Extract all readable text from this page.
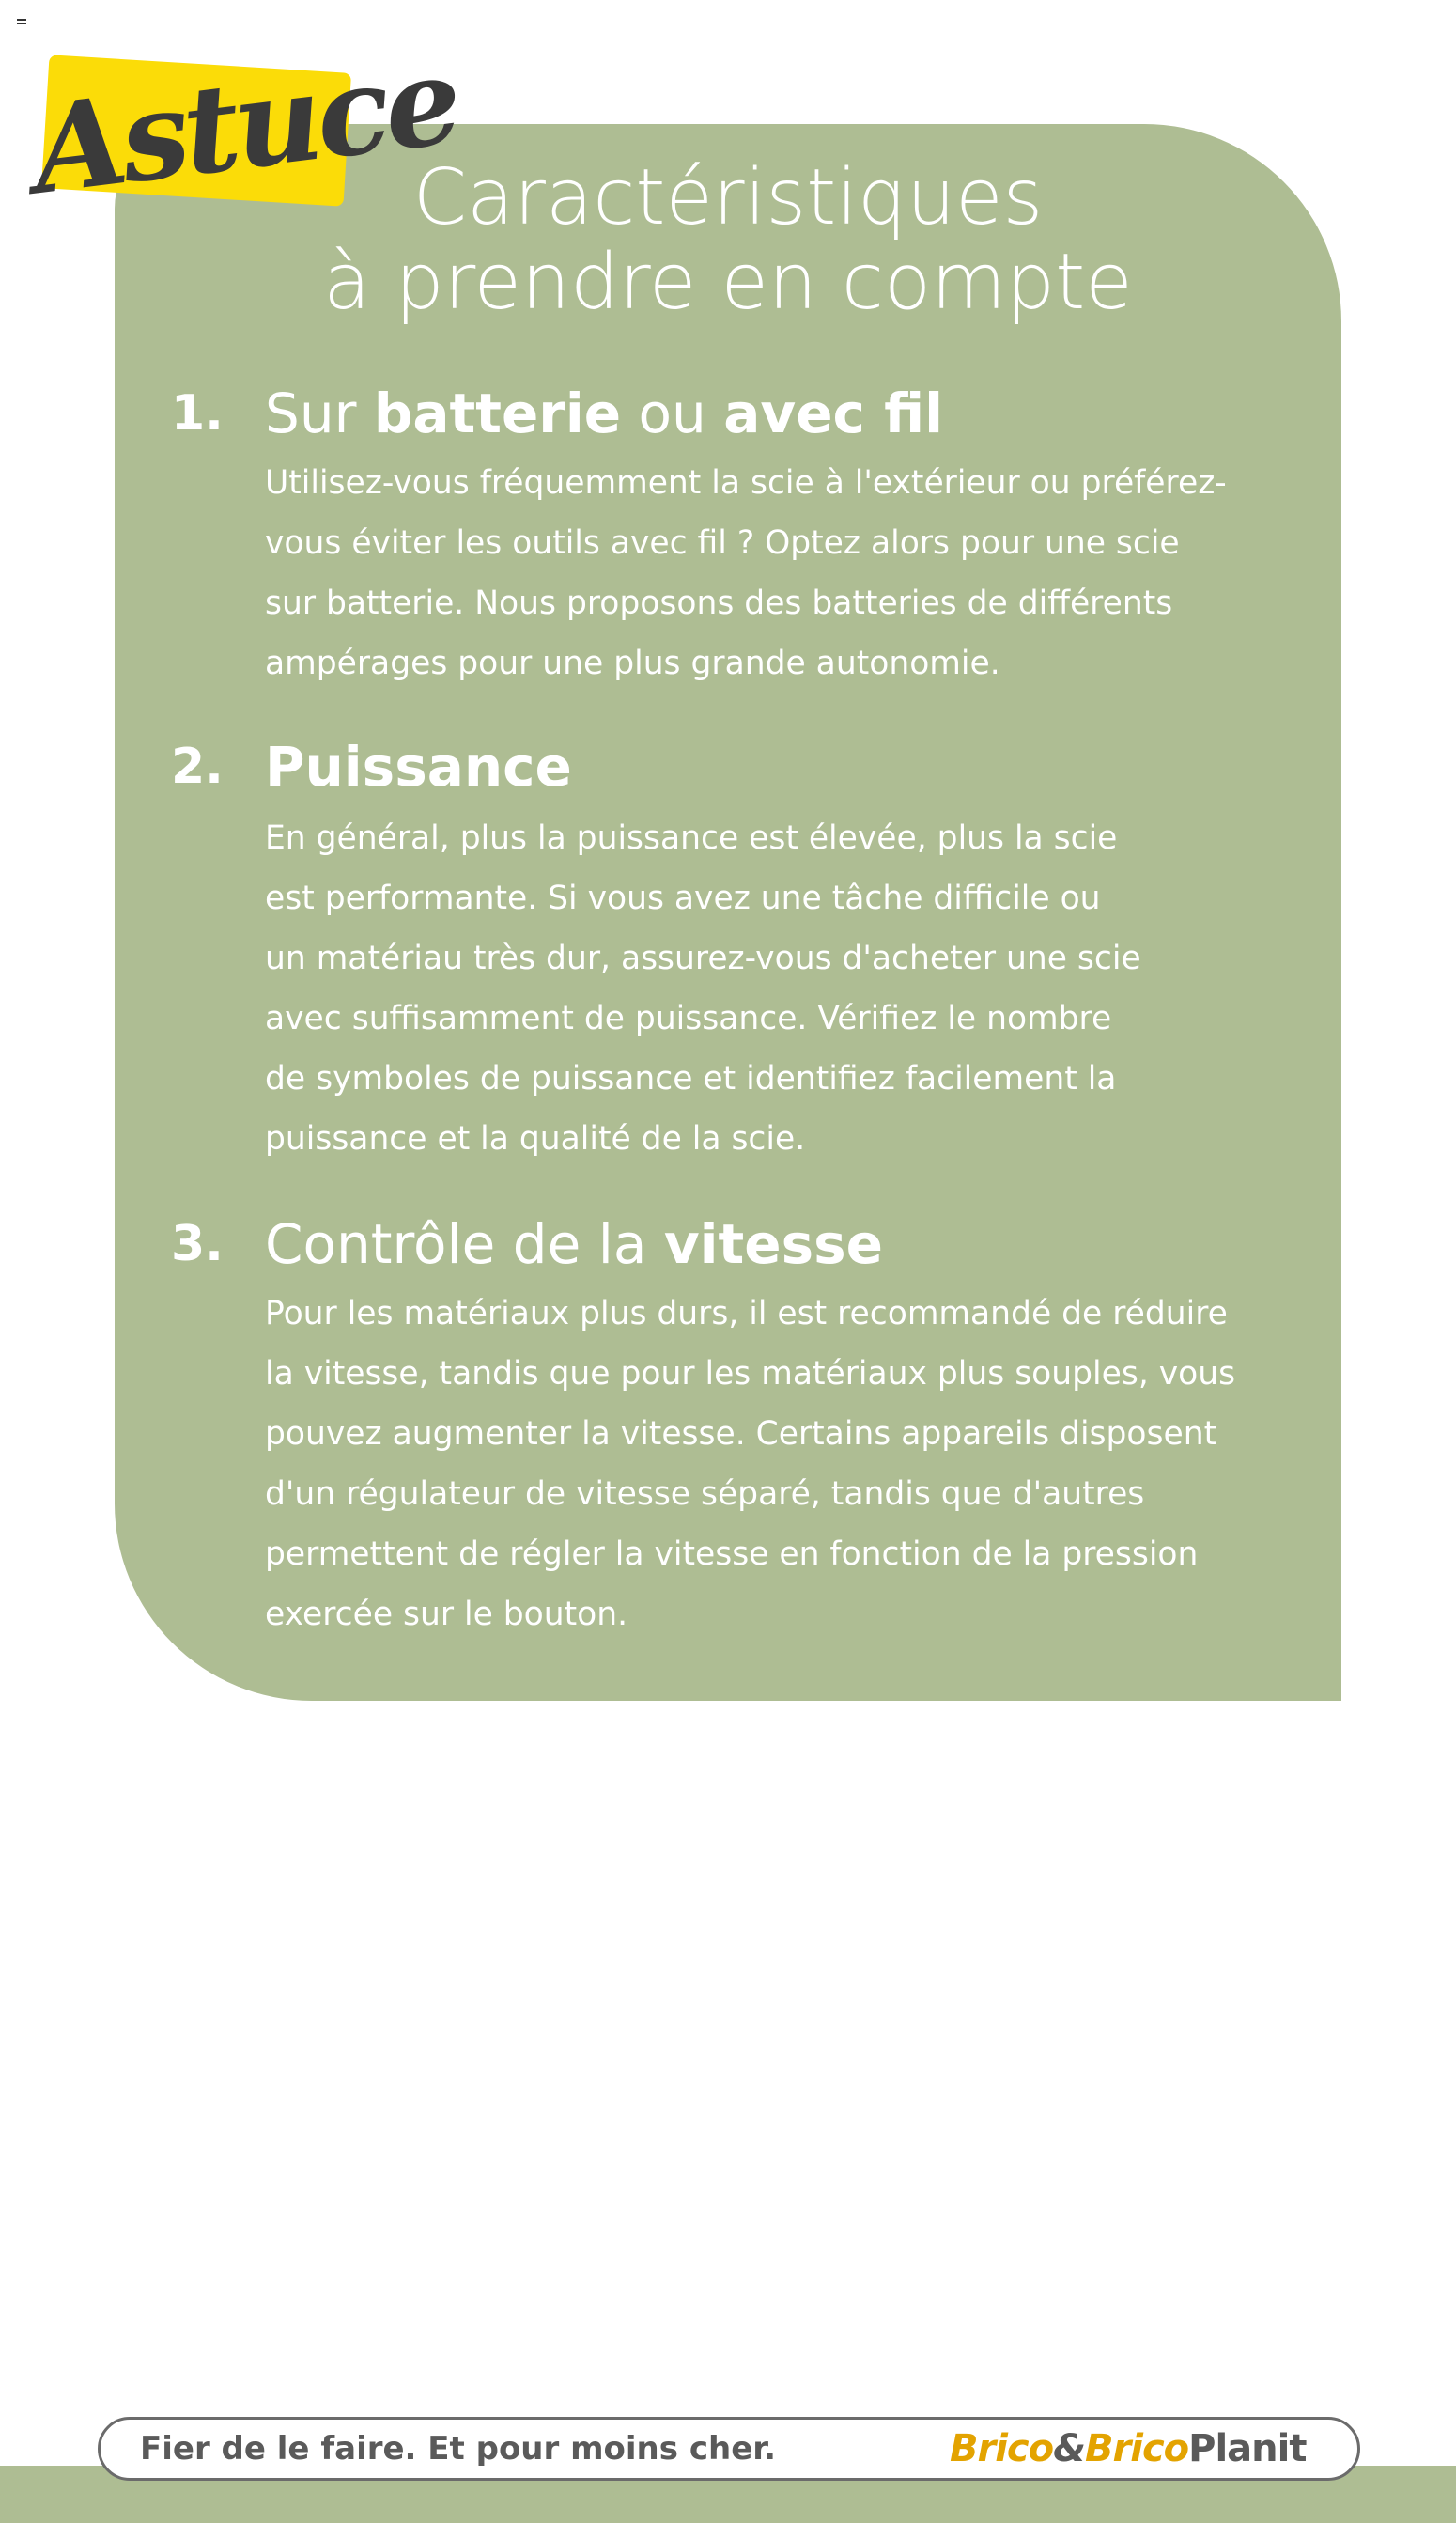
Astuce
Caractéristiques
à prendre en compte
1. Sur batterie ou avec fil
Utilisez-vous fréquemment la scie à l'extérieur ou préférez-
vous éviter les outils avec fil ? Optez alors pour une scie
sur batterie. Nous proposons des batteries de différents
ampérages pour une plus grande autonomie.
2. Puissance
En général, plus la puissance est élevée, plus la scie
est performante. Si vous avez une tâche difficile ou
un matériau très dur, assurez-vous d'acheter une scie
avec suffisamment de puissance. Vérifiez le nombre
de symboles de puissance et identifiez facilement la
puissance et la qualité de la scie.
3. Contrôle de la vitesse
Pour les matériaux plus durs, il est recommandé de réduire
la vitesse, tandis que pour les matériaux plus souples, vous
pouvez augmenter la vitesse. Certains appareils disposent
d'un régulateur de vitesse séparé, tandis que d'autres
permettent de régler la vitesse en fonction de la pression
exercée sur le bouton.
Fier de le faire. Et pour moins cher.	Brico&BricoPlanit
